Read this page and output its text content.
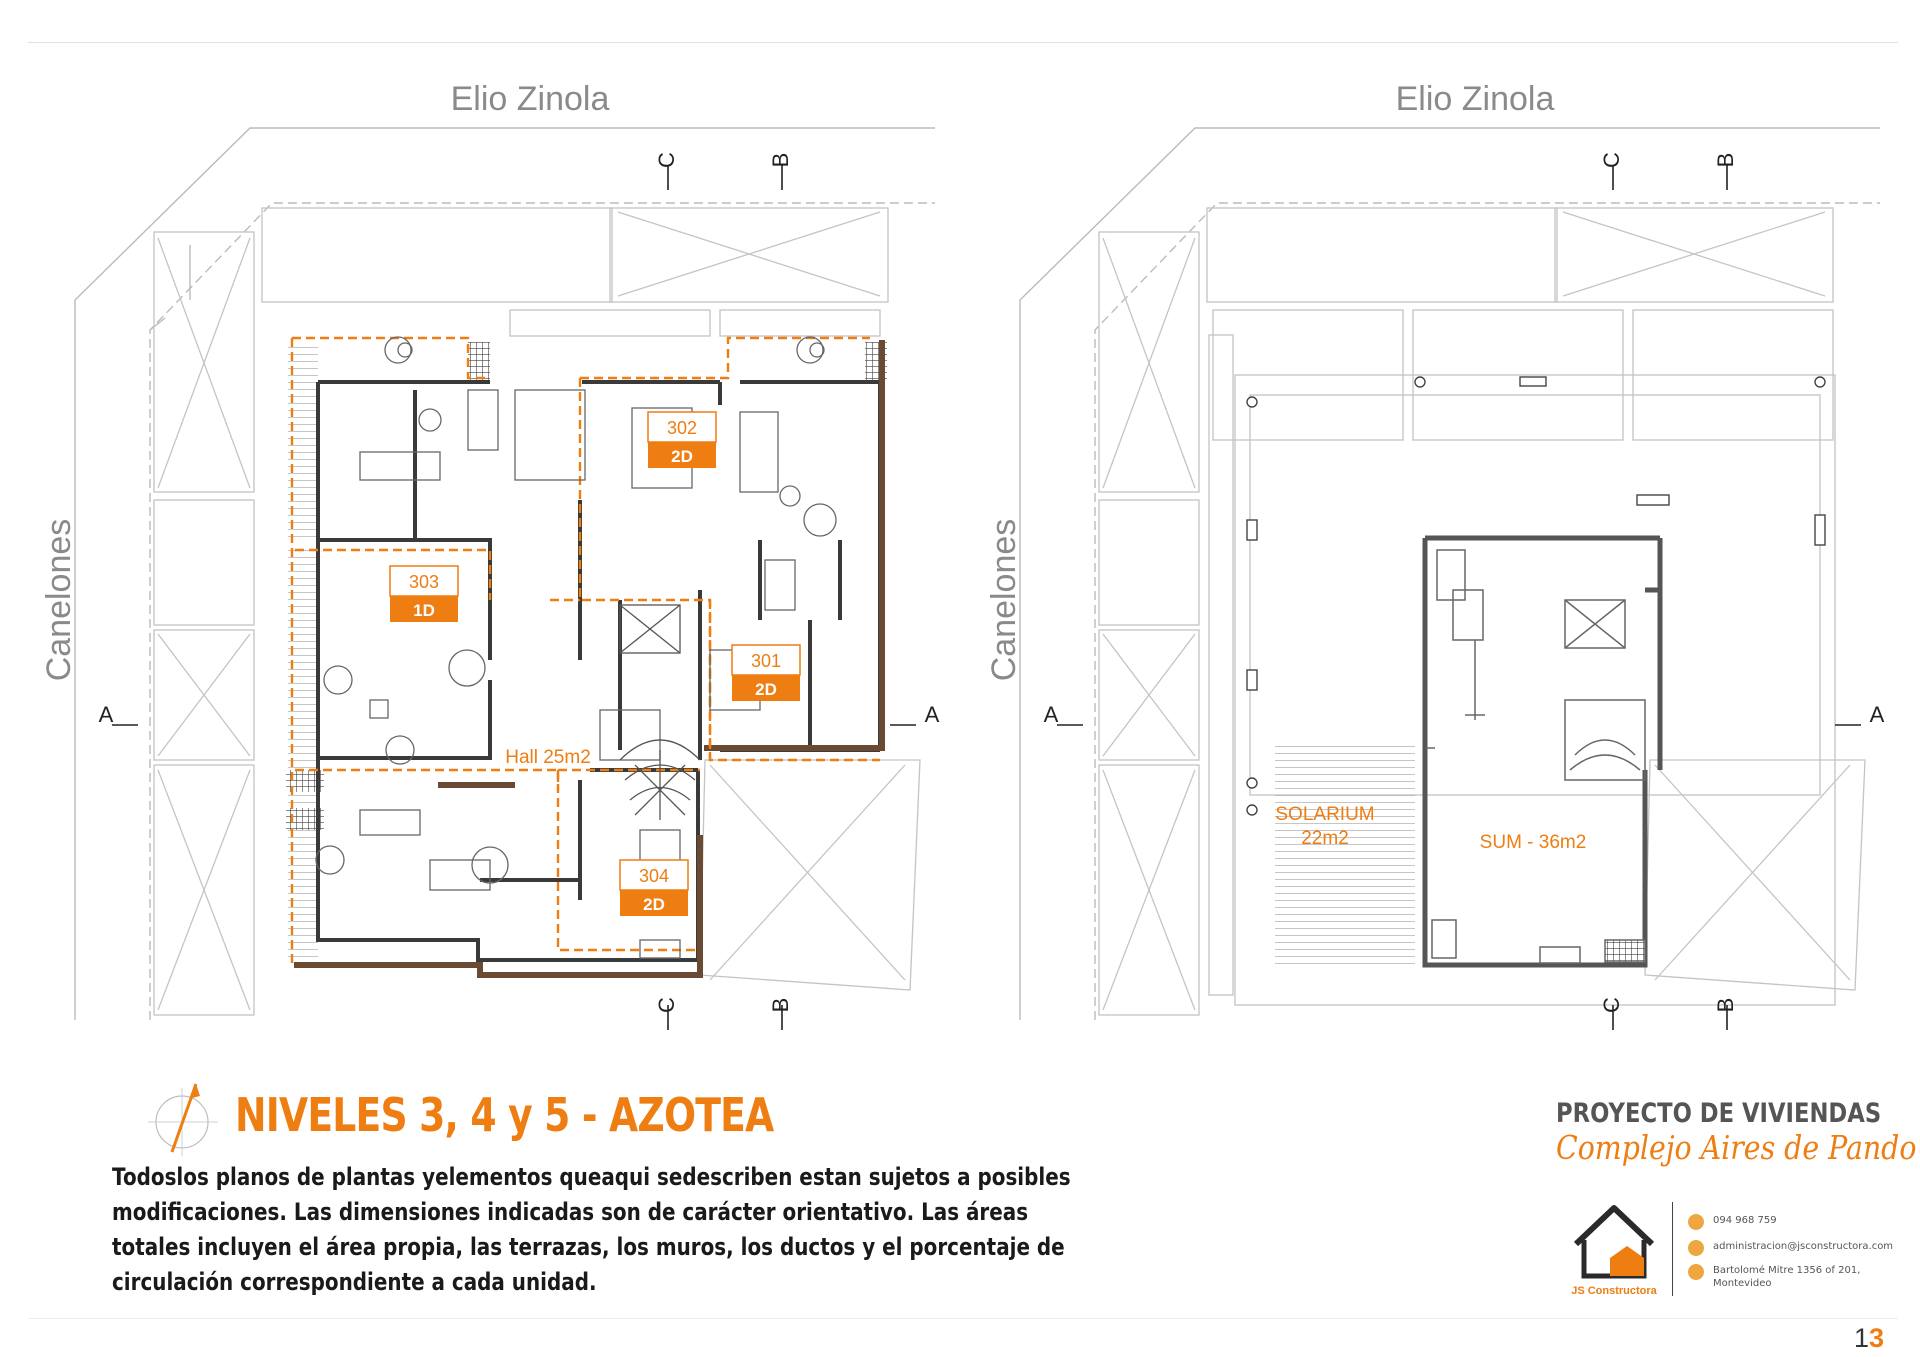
302
2D
303
1D
301
2D
304
2D
Hall 25m2
Elio Zinola
Canelones
C	B
C	B
A	A
SOLARIUM
22m2	SUM - 36m2
Elio Zinola
Canelones
C	B
C	B
A	A
NIVELES 3, 4 y 5 - AZOTEA

Todoslos planos de plantas yelementos queaqui sedescriben estan sujetos a posibles modificaciones. Las dimensiones indicadas son de carácter orientativo. Las áreas totales incluyen el área propia, las terrazas, los muros, los ductos y el porcentaje de circulación correspondiente a cada unidad.

PROYECTO DE VIVIENDAS
Complejo Aires de Pando
JS Constructora
094 968 759
administracion@jsconstructora.com
Bartolomé Mitre 1356 of 201, Montevideo
13
